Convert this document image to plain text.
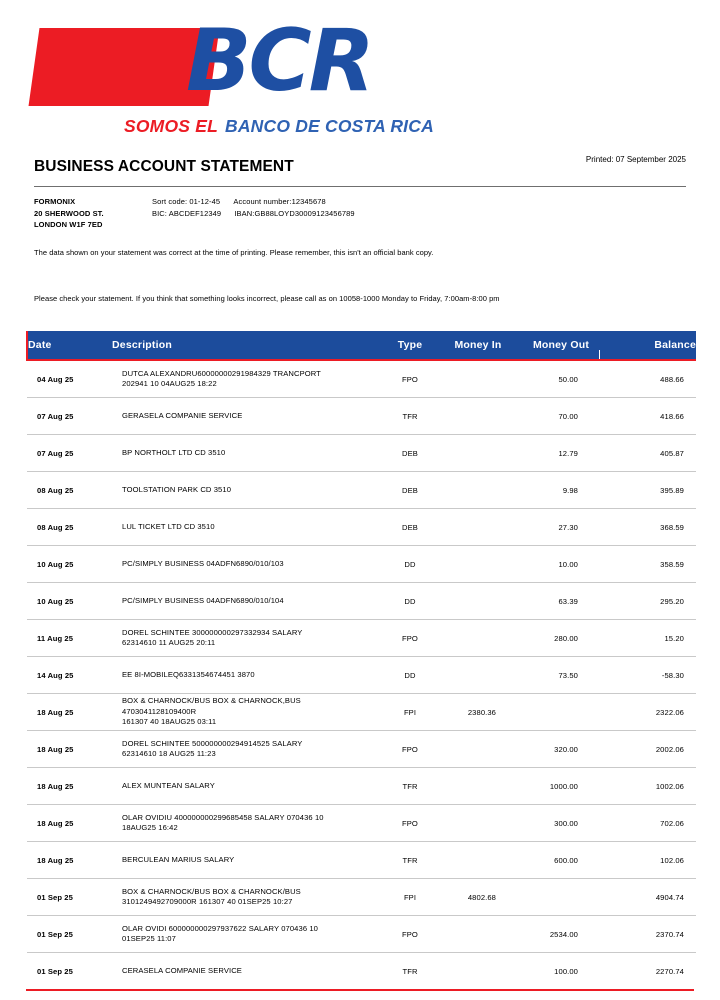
BCR
SOMOS EL BANCO DE COSTA RICA
BUSINESS ACCOUNT STATEMENT	Printed: 07 September 2025
FORMONIX
20 SHERWOOD ST.
LONDON W1F 7ED
Sort code: 01-12-45 Account number:12345678
BIC: ABCDEF12349 IBAN:GB88LOYD30009123456789
The data shown on your statement was correct at the time of printing. Please remember, this isn't an official bank copy.
Please check your statement. If you think that something looks incorrect, please call as on 10058-1000 Monday to Friday, 7:00am-8:00 pm
Date	Description	Type	Money In	Money Out	Balance
04 Aug 25	DUTCA ALEXANDRU60000000291984329 TRANCPORT
202941 10 04AUG25 18:22	FPO		50.00	488.66
07 Aug 25	GERASELA COMPANIE SERVICE	TFR		70.00	418.66
07 Aug 25	BP NORTHOLT LTD CD 3510	DEB		12.79	405.87
08 Aug 25	TOOLSTATION PARK CD 3510	DEB		9.98	395.89
08 Aug 25	LUL TICKET LTD CD 3510	DEB		27.30	368.59
10 Aug 25	PC/SIMPLY BUSINESS 04ADFN6890/010/103	DD		10.00	358.59
10 Aug 25	PC/SIMPLY BUSINESS 04ADFN6890/010/104	DD		63.39	295.20
11 Aug 25	DOREL SCHINTEE 300000000297332934 SALARY
62314610 11 AUG25 20:11	FPO		280.00	15.20
14 Aug 25	EE 8I-MOBILEQ6331354674451 3870	DD		73.50	-58.30
18 Aug 25	BOX & CHARNOCK/BUS BOX & CHARNOCK,BUS 4703041128109400R
161307 40 18AUG25 03:11	FPI	2380.36		2322.06
18 Aug 25	DOREL SCHINTEE 500000000294914525 SALARY
62314610 18 AUG25 11:23	FPO		320.00	2002.06
18 Aug 25	ALEX MUNTEAN SALARY	TFR		1000.00	1002.06
18 Aug 25	OLAR OVIDIU 400000000299685458 SALARY 070436 10
18AUG25 16:42	FPO		300.00	702.06
18 Aug 25	BERCULEAN MARIUS SALARY	TFR		600.00	102.06
01 Sep 25	BOX & CHARNOCK/BUS BOX & CHARNOCK/BUS
3101249492709000R 161307 40 01SEP25 10:27	FPI	4802.68		4904.74
01 Sep 25	OLAR OVIDI 600000000297937622 SALARY 070436 10
01SEP25 11:07	FPO		2534.00	2370.74
01 Sep 25	CERASELA COMPANIE SERVICE	TFR		100.00	2270.74
